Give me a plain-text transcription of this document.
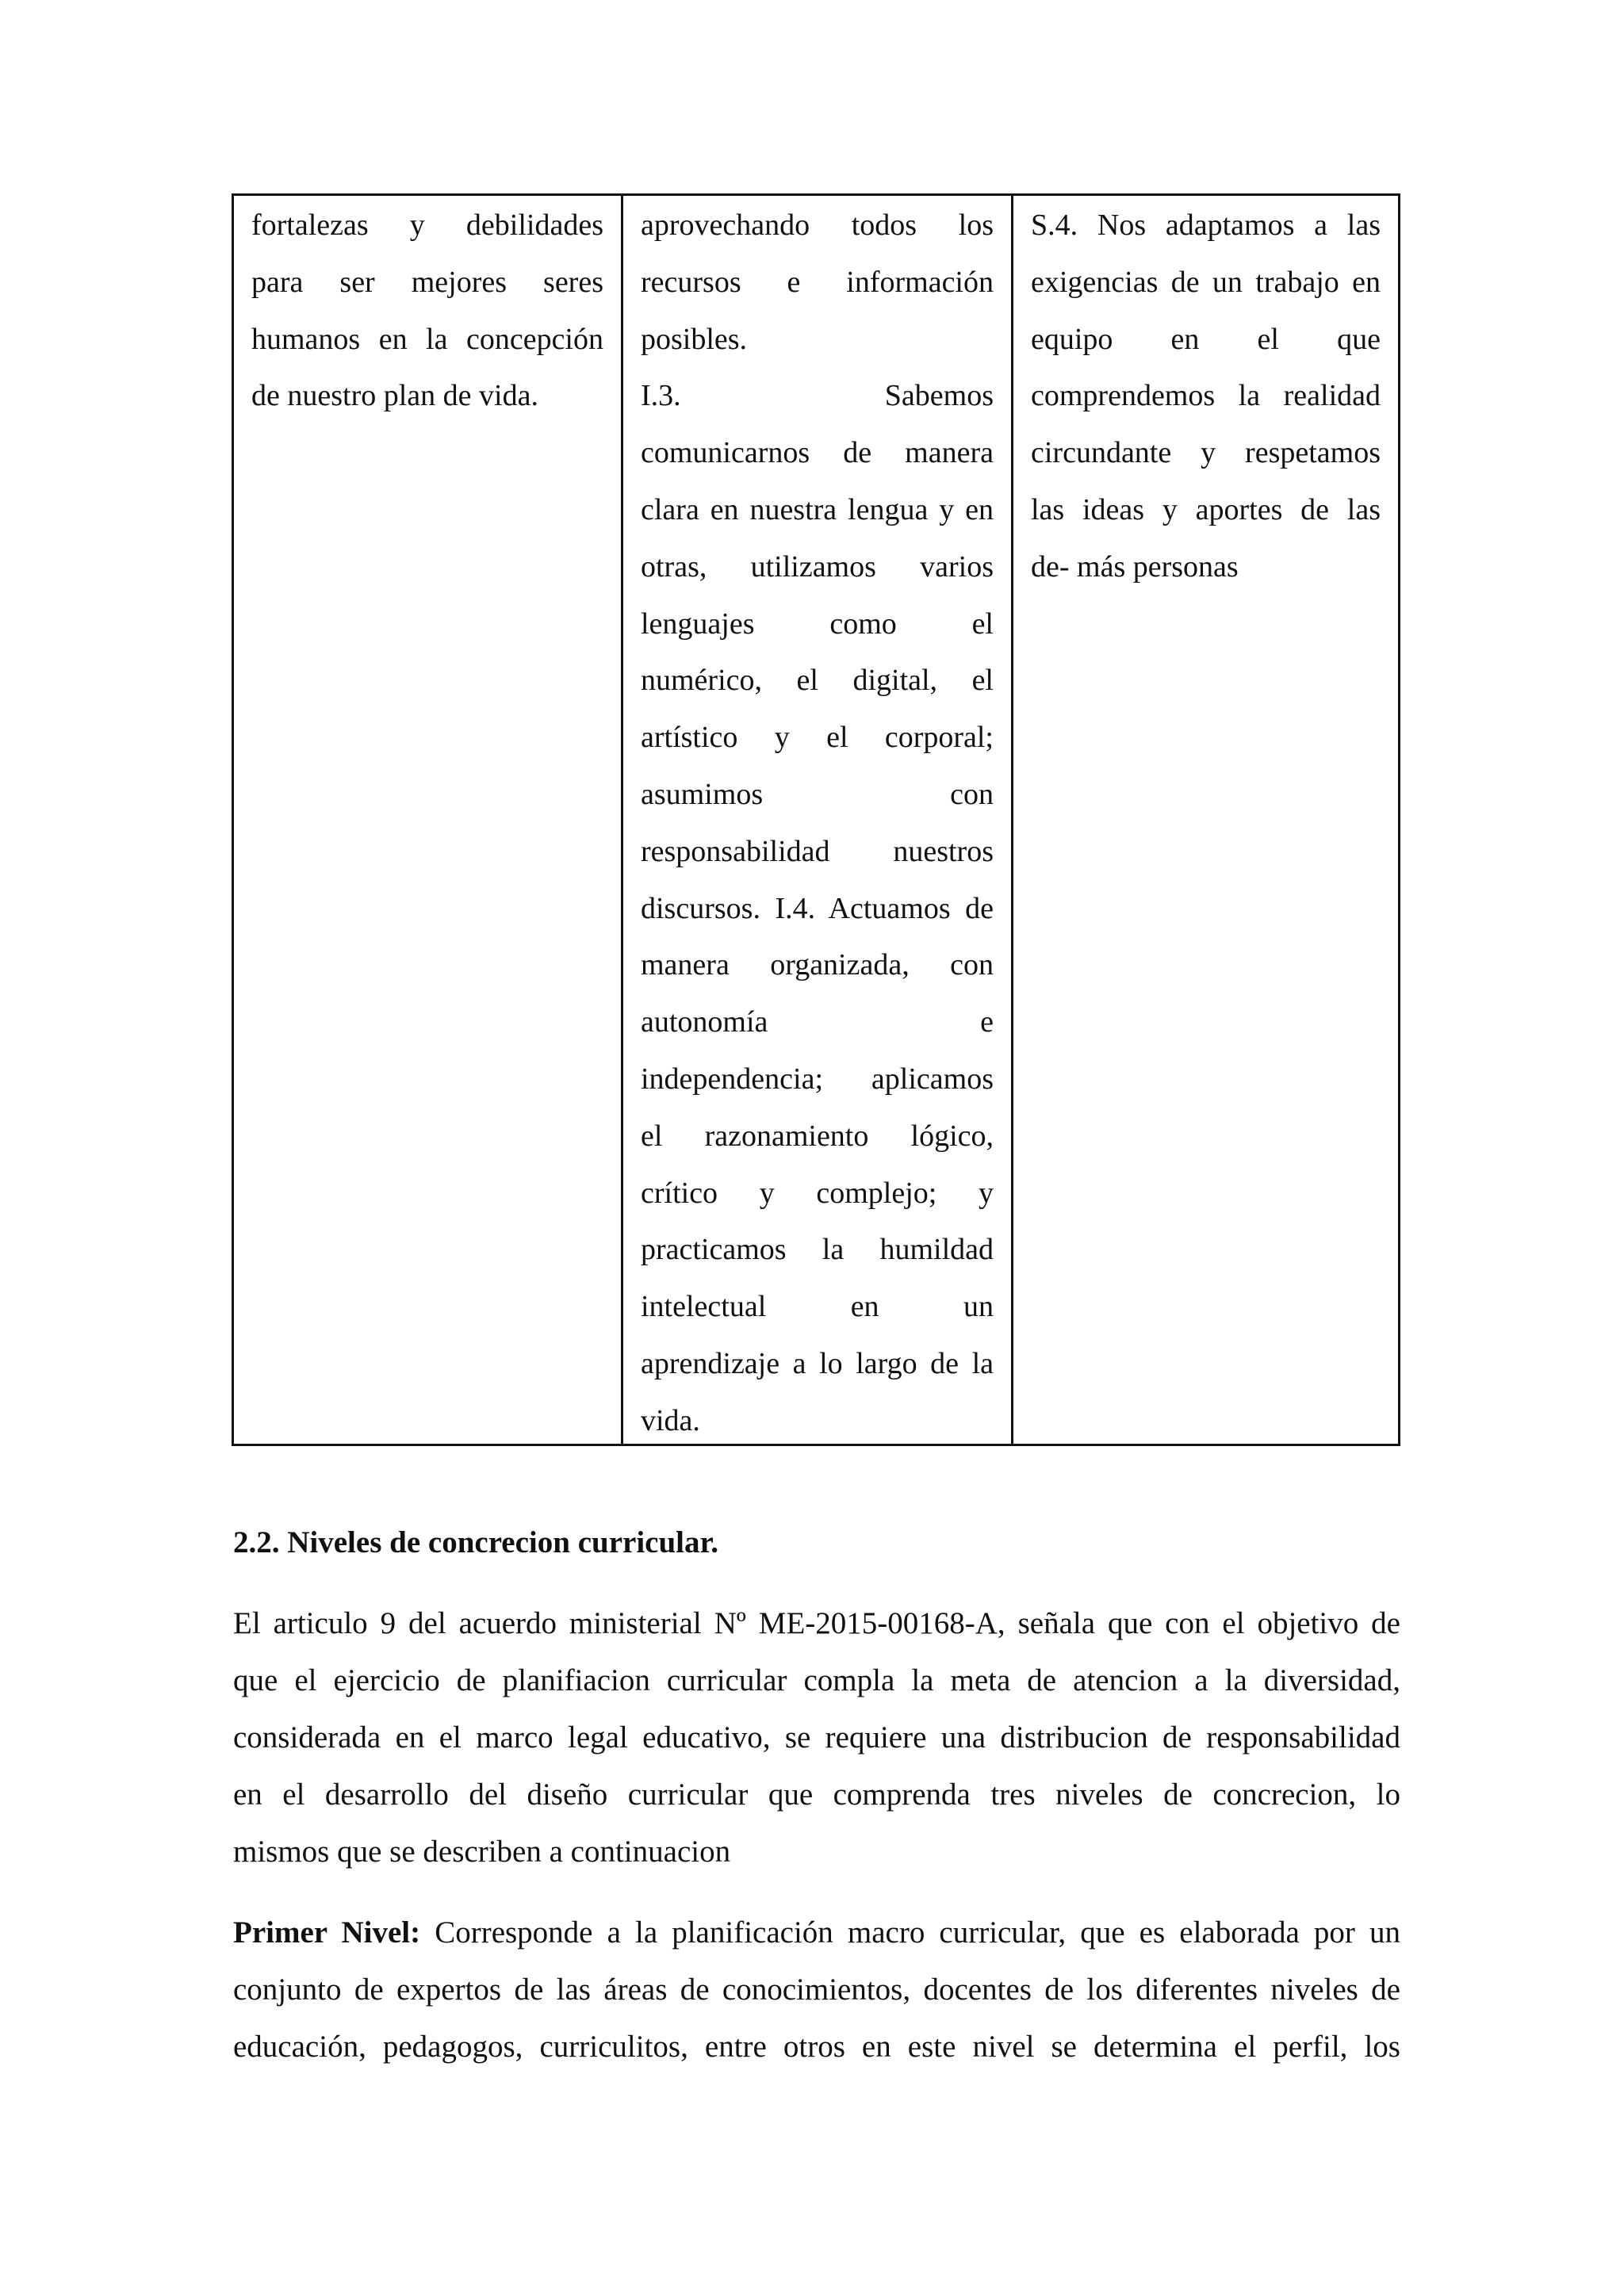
fortalezas y debilidades
para ser mejores seres
humanos en la concepción
de nuestro plan de vida.
aprovechando todos los
recursos e información
posibles.
I.3. Sabemos
comunicarnos de manera
clara en nuestra lengua y en
otras, utilizamos varios
lenguajes como el
numérico, el digital, el
artístico y el corporal;
asumimos con
responsabilidad nuestros
discursos. I.4. Actuamos de
manera organizada, con
autonomía e
independencia; aplicamos
el razonamiento lógico,
crítico y complejo; y
practicamos la humildad
intelectual en un
aprendizaje a lo largo de la
vida.
S.4. Nos adaptamos a las
exigencias de un trabajo en
equipo en el que
comprendemos la realidad
circundante y respetamos
las ideas y aportes de las
de- más personas
2.2. Niveles de concrecion curricular.
El articulo 9 del acuerdo ministerial Nº ME-2015-00168-A, señala que con el objetivo de
que el ejercicio de planifiacion curricular compla la meta de atencion a la diversidad,
considerada en el marco legal educativo, se requiere una distribucion de responsabilidad
en el desarrollo del diseño curricular que comprenda tres niveles de concrecion, lo
mismos que se describen a continuacion
Primer Nivel: Corresponde a la planificación macro curricular, que es elaborada por un
conjunto de expertos de las áreas de conocimientos, docentes de los diferentes niveles de
educación, pedagogos, curriculitos, entre otros en este nivel se determina el perfil, los
